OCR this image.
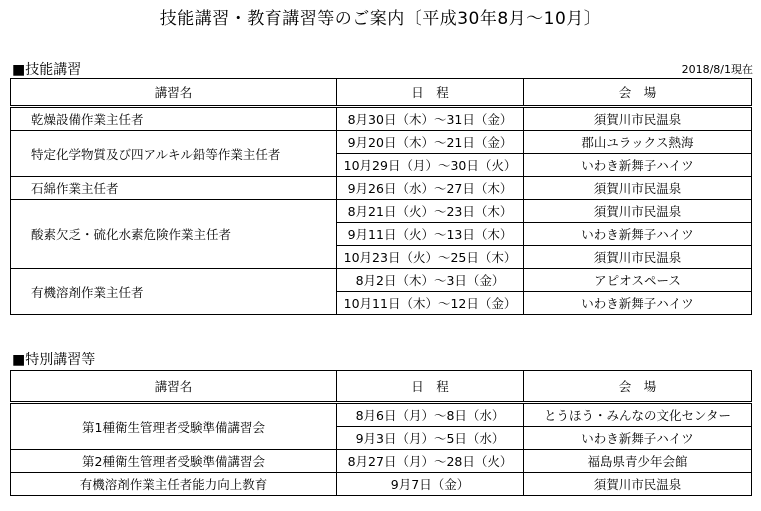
技能講習・教育講習等のご案内〔平成30年8月～10月〕
■技能講習	2018/8/1現在
講習名	日　程	会　場
乾燥設備作業主任者	8月30日（木）～31日（金）	須賀川市民温泉
特定化学物質及び四アルキル鉛等作業主任者	9月20日（木）～21日（金）	郡山ユラックス熱海
	10月29日（月）～30日（火）	いわき新舞子ハイツ
石綿作業主任者	9月26日（水）～27日（木）	須賀川市民温泉
酸素欠乏・硫化水素危険作業主任者	8月21日（火）～23日（木）	須賀川市民温泉
	9月11日（火）～13日（木）	いわき新舞子ハイツ
	10月23日（火）～25日（木）	須賀川市民温泉
有機溶剤作業主任者	8月2日（木）～3日（金）	アピオスペース
	10月11日（木）～12日（金）	いわき新舞子ハイツ
■特別講習等
講習名	日　程	会　場
第1種衛生管理者受験準備講習会	8月6日（月）～8日（水）	とうほう・みんなの文化センター
	9月3日（月）～5日（水）	いわき新舞子ハイツ
第2種衛生管理者受験準備講習会	8月27日（月）～28日（火）	福島県青少年会館
有機溶剤作業主任者能力向上教育	9月7日（金）	須賀川市民温泉
